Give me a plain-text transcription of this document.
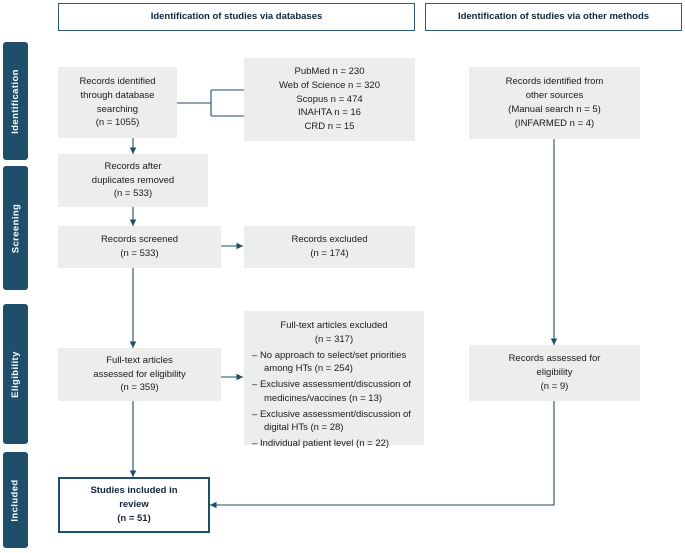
Identification of studies via databases	Identification of studies via other methods
Identification
Screening
Eligibility
Included
Records identified
through database
searching
(n = 1055)
PubMed n = 230
Web of Science n = 320
Scopus n = 474
INAHTA n = 16
CRD n = 15
Records identified from
other sources
(Manual search n = 5)
(INFARMED n = 4)
Records after
duplicates removed
(n = 533)
Records screened
(n = 533)
Records excluded
(n = 174)
Full-text articles
assessed for eligibility
(n = 359)
Full-text articles excluded
(n = 317)
– No approach to select/set priorities among HTs (n = 254)
– Exclusive assessment/discussion of medicines/vaccines (n = 13)
– Exclusive assessment/discussion of digital HTs (n = 28)
– Individual patient level (n = 22)
Records assessed for
eligibility
(n = 9)
Studies included in
review
(n = 51)
